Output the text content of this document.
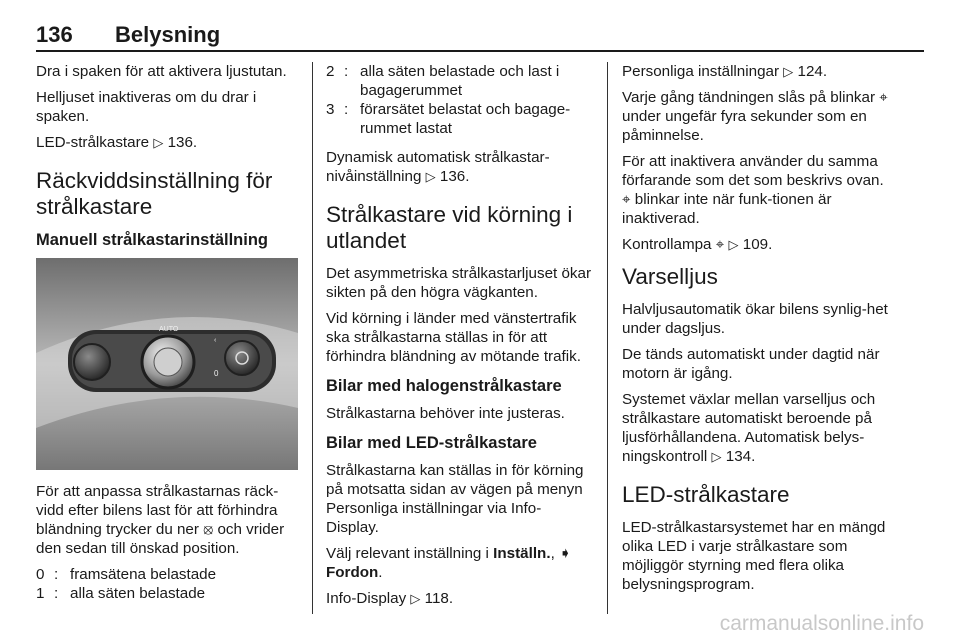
136 Belysning

Dra i spaken för att aktivera ljustutan.

Helljuset inaktiveras om du drar i spaken.

LED-strålkastare ▷ 136.

Räckviddsinställning för strålkastare
Manuell strålkastarinställning
AUTO
0
‹

För att anpassa strålkastarnas räck-vidd efter bilens last för att förhindra bländning trycker du ner ⦻ och vrider den sedan till önskad position.

0 : framsätena belastade
1 : alla säten belastade
2 : alla säten belastade och last i bagagerummet
3 : förarsätet belastat och bagage-rummet lastat

Dynamisk automatisk strålkastar-nivåinställning ▷ 136.

Strålkastare vid körning i utlandet

Det asymmetriska strålkastarljuset ökar sikten på den högra vägkanten.

Vid körning i länder med vänstertrafik ska strålkastarna ställas in för att förhindra bländning av mötande trafik.

Bilar med halogenstrålkastare

Strålkastarna behöver inte justeras.

Bilar med LED-strålkastare

Strålkastarna kan ställas in för körning på motsatta sidan av vägen på menyn Personliga inställningar via Info-Display.

Välj relevant inställning i Inställn., ➧ Fordon.

Info-Display ▷ 118.

Personliga inställningar ▷ 124.

Varje gång tändningen slås på blinkar ⌖ under ungefär fyra sekunder som en påminnelse.

För att inaktivera använder du samma förfarande som det som beskrivs ovan. ⌖ blinkar inte när funk-tionen är inaktiverad.

Kontrollampa ⌖ ▷ 109.

Varselljus

Halvljusautomatik ökar bilens synlig-het under dagsljus.

De tänds automatiskt under dagtid när motorn är igång.

Systemet växlar mellan varselljus och strålkastare automatiskt beroende på ljusförhållandena. Automatisk belys-ningskontroll ▷ 134.

LED-strålkastare

LED-strålkastarsystemet har en mängd olika LED i varje strålkastare som möjliggör styrning med flera olika belysningsprogram.

carmanualsonline.info
